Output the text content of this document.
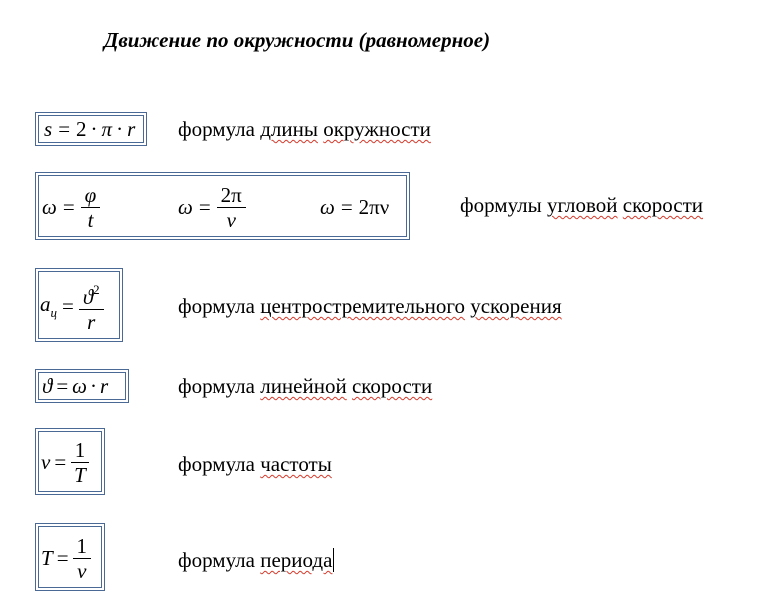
Движение по окружности (равномерное)
s = 2 · π · r формула длины окружности
$\omega = \frac{\varphi}{t}$	$\omega = \frac{2\pi}{\nu}$	ω = 2πν	формулы угловой скорости
$a_ц = \frac{ϑ^2}{r}$	формула центростремительного ускорения
ϑ = ω · r	формула линейной скорости
$\nu = \frac{1}{T}$	формула частоты
$T = \frac{1}{\nu}$	формула периода
